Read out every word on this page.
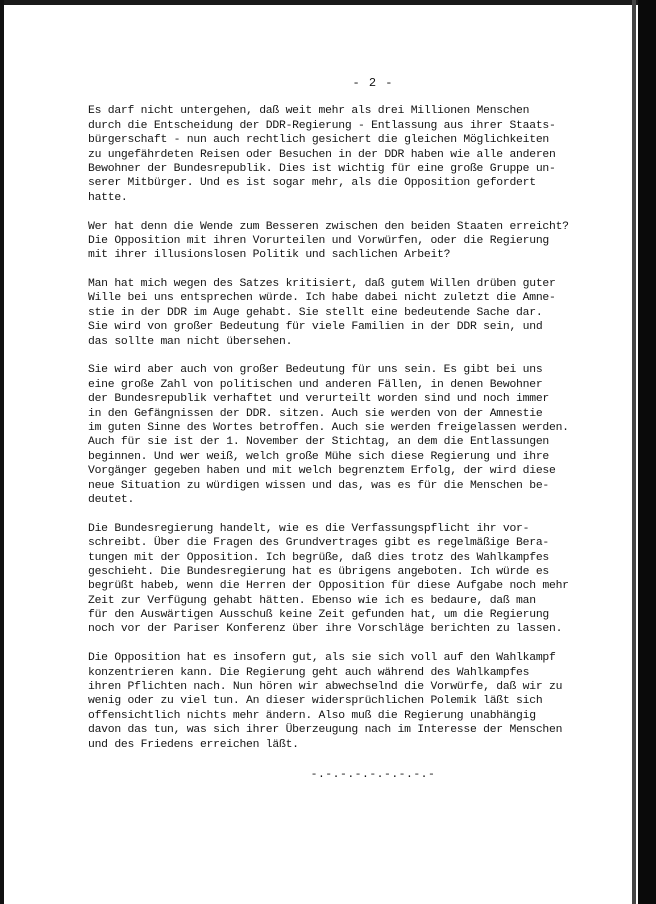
- 2 -
Es darf nicht untergehen, daß weit mehr als drei Millionen Menschen
durch die Entscheidung der DDR-Regierung - Entlassung aus ihrer Staats-
bürgerschaft - nun auch rechtlich gesichert die gleichen Möglichkeiten
zu ungefährdeten Reisen oder Besuchen in der DDR haben wie alle anderen
Bewohner der Bundesrepublik. Dies ist wichtig für eine große Gruppe un-
serer Mitbürger. Und es ist sogar mehr, als die Opposition gefordert
hatte.
Wer hat denn die Wende zum Besseren zwischen den beiden Staaten erreicht?
Die Opposition mit ihren Vorurteilen und Vorwürfen, oder die Regierung
mit ihrer illusionslosen Politik und sachlichen Arbeit?
Man hat mich wegen des Satzes kritisiert, daß gutem Willen drüben guter
Wille bei uns entsprechen würde. Ich habe dabei nicht zuletzt die Amne-
stie in der DDR im Auge gehabt. Sie stellt eine bedeutende Sache dar.
Sie wird von großer Bedeutung für viele Familien in der DDR sein, und
das sollte man nicht übersehen.
Sie wird aber auch von großer Bedeutung für uns sein. Es gibt bei uns
eine große Zahl von politischen und anderen Fällen, in denen Bewohner
der Bundesrepublik verhaftet und verurteilt worden sind und noch immer
in den Gefängnissen der DDR. sitzen. Auch sie werden von der Amnestie
im guten Sinne des Wortes betroffen. Auch sie werden freigelassen werden.
Auch für sie ist der 1. November der Stichtag, an dem die Entlassungen
beginnen. Und wer weiß, welch große Mühe sich diese Regierung und ihre
Vorgänger gegeben haben und mit welch begrenztem Erfolg, der wird diese
neue Situation zu würdigen wissen und das, was es für die Menschen be-
deutet.
Die Bundesregierung handelt, wie es die Verfassungspflicht ihr vor-
schreibt. Über die Fragen des Grundvertrages gibt es regelmäßige Bera-
tungen mit der Opposition. Ich begrüße, daß dies trotz des Wahlkampfes
geschieht. Die Bundesregierung hat es übrigens angeboten. Ich würde es
begrüßt habeb, wenn die Herren der Opposition für diese Aufgabe noch mehr
Zeit zur Verfügung gehabt hätten. Ebenso wie ich es bedaure, daß man
für den Auswärtigen Ausschuß keine Zeit gefunden hat, um die Regierung
noch vor der Pariser Konferenz über ihre Vorschläge berichten zu lassen.
Die Opposition hat es insofern gut, als sie sich voll auf den Wahlkampf
konzentrieren kann. Die Regierung geht auch während des Wahlkampfes
ihren Pflichten nach. Nun hören wir abwechselnd die Vorwürfe, daß wir zu
wenig oder zu viel tun. An dieser widersprüchlichen Polemik läßt sich
offensichtlich nichts mehr ändern. Also muß die Regierung unabhängig
davon das tun, was sich ihrer Überzeugung nach im Interesse der Menschen
und des Friedens erreichen läßt.
-.-.-.-.-.-.-.-.-
